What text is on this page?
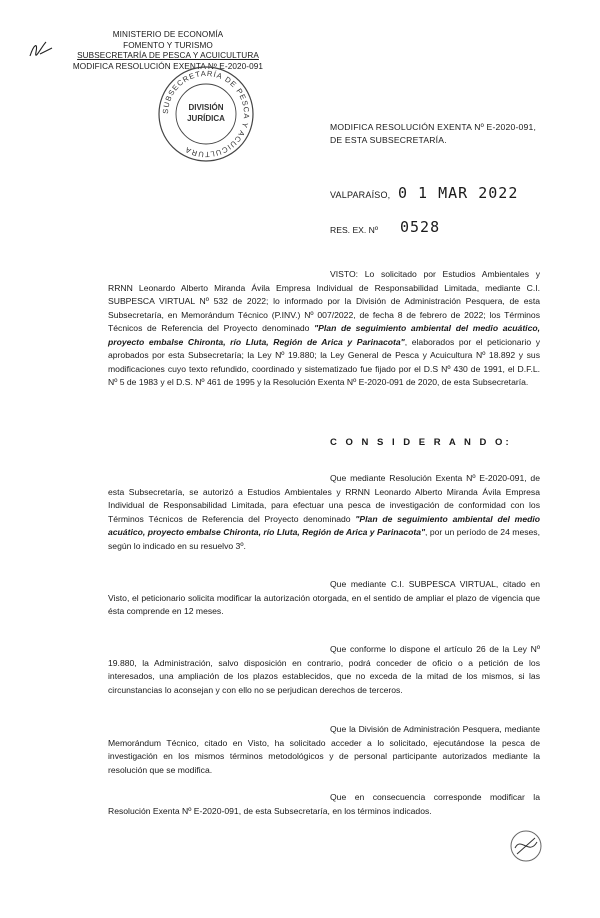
MINISTERIO DE ECONOMÍA
FOMENTO Y TURISMO
SUBSECRETARÍA DE PESCA Y ACUICULTURA
MODIFICA RESOLUCIÓN EXENTA Nº E-2020-091
SUBSECRETARÍA DE PESCA Y ACUICULTURA
DIVISIÓN
JURÍDICA
MODIFICA RESOLUCIÓN EXENTA Nº E-2020-091,
DE ESTA SUBSECRETARÍA.
VALPARAÍSO, 0 1 MAR 2022
RES. EX. Nº 0528
VISTO: Lo solicitado por Estudios Ambientales y RRNN Leonardo Alberto Miranda Ávila Empresa Individual de Responsabilidad Limitada, mediante C.I. SUBPESCA VIRTUAL Nº 532 de 2022; lo informado por la División de Administración Pesquera, de esta Subsecretaría, en Memorándum Técnico (P.INV.) Nº 007/2022, de fecha 8 de febrero de 2022; los Términos Técnicos de Referencia del Proyecto denominado "Plan de seguimiento ambiental del medio acuático, proyecto embalse Chironta, río Lluta, Región de Arica y Parinacota", elaborados por el peticionario y aprobados por esta Subsecretaría; la Ley Nº 19.880; la Ley General de Pesca y Acuicultura Nº 18.892 y sus modificaciones cuyo texto refundido, coordinado y sistematizado fue fijado por el D.S Nº 430 de 1991, el D.F.L. Nº 5 de 1983 y el D.S. Nº 461 de 1995 y la Resolución Exenta Nº E-2020-091 de 2020, de esta Subsecretaría.
C O N S I D E R A N D O:
Que mediante Resolución Exenta Nº E-2020-091, de esta Subsecretaría, se autorizó a Estudios Ambientales y RRNN Leonardo Alberto Miranda Ávila Empresa Individual de Responsabilidad Limitada, para efectuar una pesca de investigación de conformidad con los Términos Técnicos de Referencia del Proyecto denominado "Plan de seguimiento ambiental del medio acuático, proyecto embalse Chironta, río Lluta, Región de Arica y Parinacota", por un período de 24 meses, según lo indicado en su resuelvo 3º.
Que mediante C.I. SUBPESCA VIRTUAL, citado en Visto, el peticionario solicita modificar la autorización otorgada, en el sentido de ampliar el plazo de vigencia que ésta comprende en 12 meses.
Que conforme lo dispone el artículo 26 de la Ley Nº 19.880, la Administración, salvo disposición en contrario, podrá conceder de oficio o a petición de los interesados, una ampliación de los plazos establecidos, que no exceda de la mitad de los mismos, si las circunstancias lo aconsejan y con ello no se perjudican derechos de terceros.
Que la División de Administración Pesquera, mediante Memorándum Técnico, citado en Visto, ha solicitado acceder a lo solicitado, ejecutándose la pesca de investigación en los mismos términos metodológicos y de personal participante autorizados mediante la resolución que se modifica.
Que en consecuencia corresponde modificar la Resolución Exenta Nº E-2020-091, de esta Subsecretaría, en los términos indicados.
